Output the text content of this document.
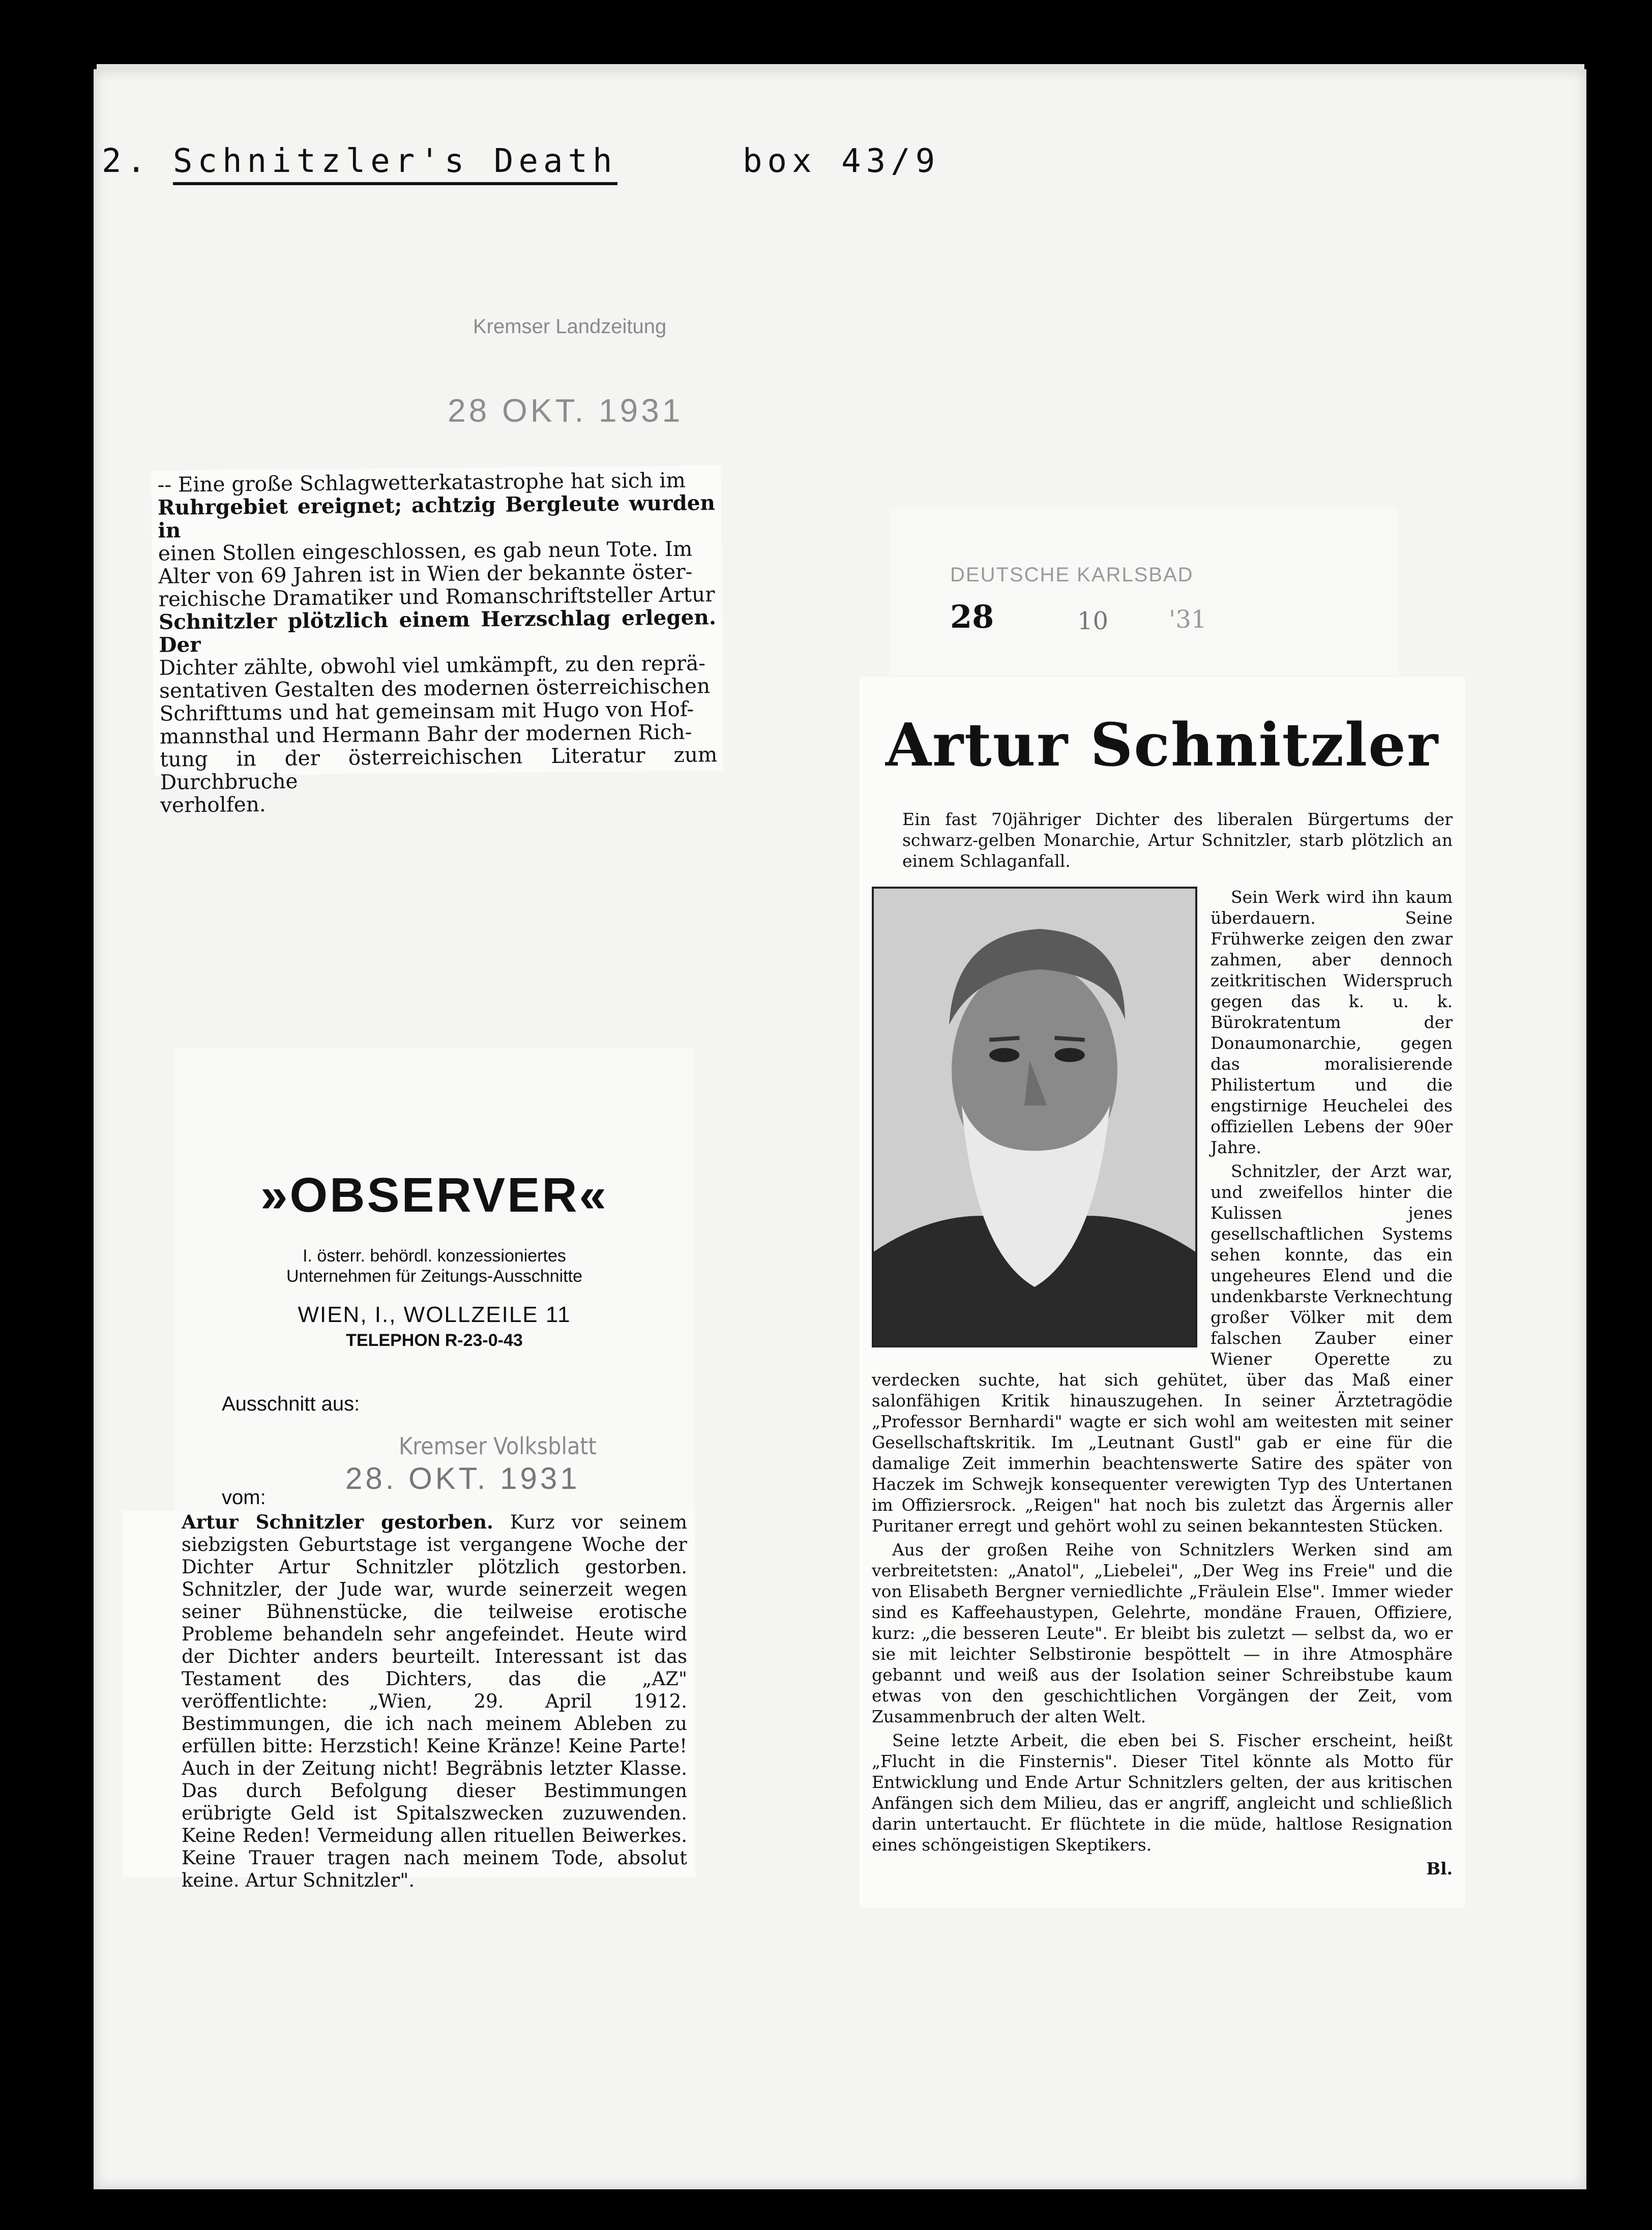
2. Schnitzler's Death	box 43/9
Kremser Landzeitung
28 OKT. 1931

-- Eine große Schlagwetterkatastrophe hat sich im

Ruhrgebiet ereignet; achtzig Bergleute wurden in

einen Stollen eingeschlossen, es gab neun Tote. Im

Alter von 69 Jahren ist in Wien der bekannte öster-

reichische Dramatiker und Romanschriftsteller Artur

Schnitzler plötzlich einem Herzschlag erlegen. Der

Dichter zählte, obwohl viel umkämpft, zu den reprä-

sentativen Gestalten des modernen österreichischen

Schrifttums und hat gemeinsam mit Hugo von Hof-

mannsthal und Hermann Bahr der modernen Rich-

tung in der österreichischen Literatur zum Durchbruche

verholfen.

DEUTSCHE KARLSBAD
28	10 '31
Artur Schnitzler
Ein fast 70jähriger Dichter des liberalen Bürgertums der schwarz-gelben Monarchie, Artur Schnitzler, starb plötzlich an einem Schlaganfall.
Sein Werk wird ihn kaum überdauern. Seine Frühwerke zeigen den zwar zahmen, aber dennoch zeitkritischen Widerspruch gegen das k. u. k. Bürokratentum der Donaumonarchie, gegen das moralisierende Philistertum und die engstirnige Heuchelei des offiziellen Lebens der 90er Jahre.
Schnitzler, der Arzt war, und zweifellos hinter die Kulissen jenes gesellschaftlichen Systems sehen konnte, das ein ungeheures Elend und die undenkbarste Verknechtung großer Völker mit dem falschen Zauber einer Wiener Operette zu verdecken suchte, hat sich gehütet, über das Maß einer salonfähigen Kritik hinauszugehen. In seiner Ärztetragödie „Professor Bernhardi" wagte er sich wohl am weitesten mit seiner Gesellschaftskritik. Im „Leutnant Gustl" gab er eine für die damalige Zeit immerhin beachtenswerte Satire des später von Haczek im Schwejk konsequenter verewigten Typ des Untertanen im Offiziersrock. „Reigen" hat noch bis zuletzt das Ärgernis aller Puritaner erregt und gehört wohl zu seinen bekanntesten Stücken.
Aus der großen Reihe von Schnitzlers Werken sind am verbreitetsten: „Anatol", „Liebelei", „Der Weg ins Freie" und die von Elisabeth Bergner verniedlichte „Fräulein Else". Immer wieder sind es Kaffeehaustypen, Gelehrte, mondäne Frauen, Offiziere, kurz: „die besseren Leute". Er bleibt bis zuletzt — selbst da, wo er sie mit leichter Selbstironie bespöttelt — in ihre Atmosphäre gebannt und weiß aus der Isolation seiner Schreibstube kaum etwas von den geschichtlichen Vorgängen der Zeit, vom Zusammenbruch der alten Welt.
Seine letzte Arbeit, die eben bei S. Fischer erscheint, heißt „Flucht in die Finsternis". Dieser Titel könnte als Motto für Entwicklung und Ende Artur Schnitzlers gelten, der aus kritischen Anfängen sich dem Milieu, das er angriff, angleicht und schließlich darin untertaucht. Er flüchtete in die müde, haltlose Resignation eines schöngeistigen Skeptikers.
Bl.
»OBSERVER«
I. österr. behördl. konzessioniertes
Unternehmen für Zeitungs-Ausschnitte
WIEN, I., WOLLZEILE 11
TELEPHON R-23-0-43
Ausschnitt aus:
Kremser Volksblatt
28. OKT. 1931
vom:
Artur Schnitzler gestorben. Kurz vor seinem siebzigsten Geburtstage ist vergangene Woche der Dichter Artur Schnitzler plötzlich gestorben. Schnitzler, der Jude war, wurde seinerzeit wegen seiner Bühnenstücke, die teilweise erotische Probleme behandeln sehr angefeindet. Heute wird der Dichter anders beurteilt. Interessant ist das Testament des Dichters, das die „AZ" veröffentlichte: „Wien, 29. April 1912. Bestimmungen, die ich nach meinem Ableben zu erfüllen bitte: Herzstich! Keine Kränze! Keine Parte! Auch in der Zeitung nicht! Begräbnis letzter Klasse. Das durch Befolgung dieser Bestimmungen erübrigte Geld ist Spitalszwecken zuzuwenden. Keine Reden! Vermeidung allen rituellen Beiwerkes. Keine Trauer tragen nach meinem Tode, absolut keine. Artur Schnitzler".
